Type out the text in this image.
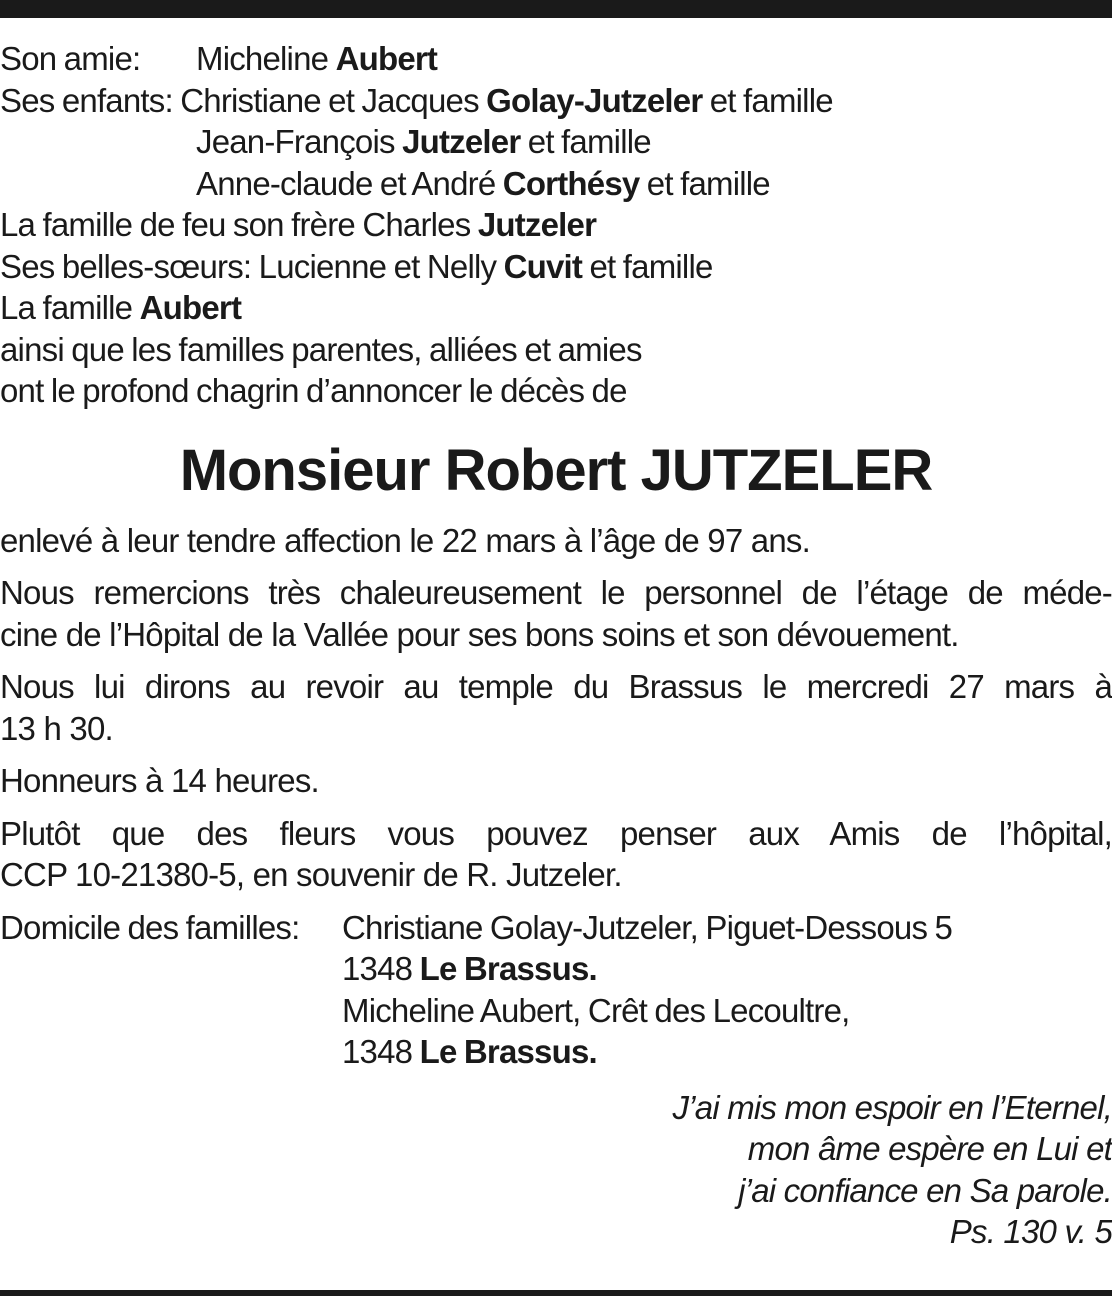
Son amie: Micheline Aubert
Ses enfants: Christiane et Jacques Golay-Jutzeler et famille
Jean-François Jutzeler et famille
Anne-claude et André Corthésy et famille
La famille de feu son frère Charles Jutzeler
Ses belles-sœurs: Lucienne et Nelly Cuvit et famille
La famille Aubert
ainsi que les familles parentes, alliées et amies
ont le profond chagrin d’annoncer le décès de
Monsieur Robert JUTZELER
enlevé à leur tendre affection le 22 mars à l’âge de 97 ans.
Nous remercions très chaleureusement le personnel de l’étage de méde-
cine de l’Hôpital de la Vallée pour ses bons soins et son dévouement.
Nous lui dirons au revoir au temple du Brassus le mercredi 27 mars à
13 h 30.
Honneurs à 14 heures.
Plutôt que des fleurs vous pouvez penser aux Amis de l’hôpital,
CCP 10-21380-5, en souvenir de R. Jutzeler.
Domicile des familles: Christiane Golay-Jutzeler, Piguet-Dessous 5
1348 Le Brassus.
Micheline Aubert, Crêt des Lecoultre,
1348 Le Brassus.
J’ai mis mon espoir en l’Eternel,
mon âme espère en Lui et
j’ai confiance en Sa parole.
Ps. 130 v. 5
